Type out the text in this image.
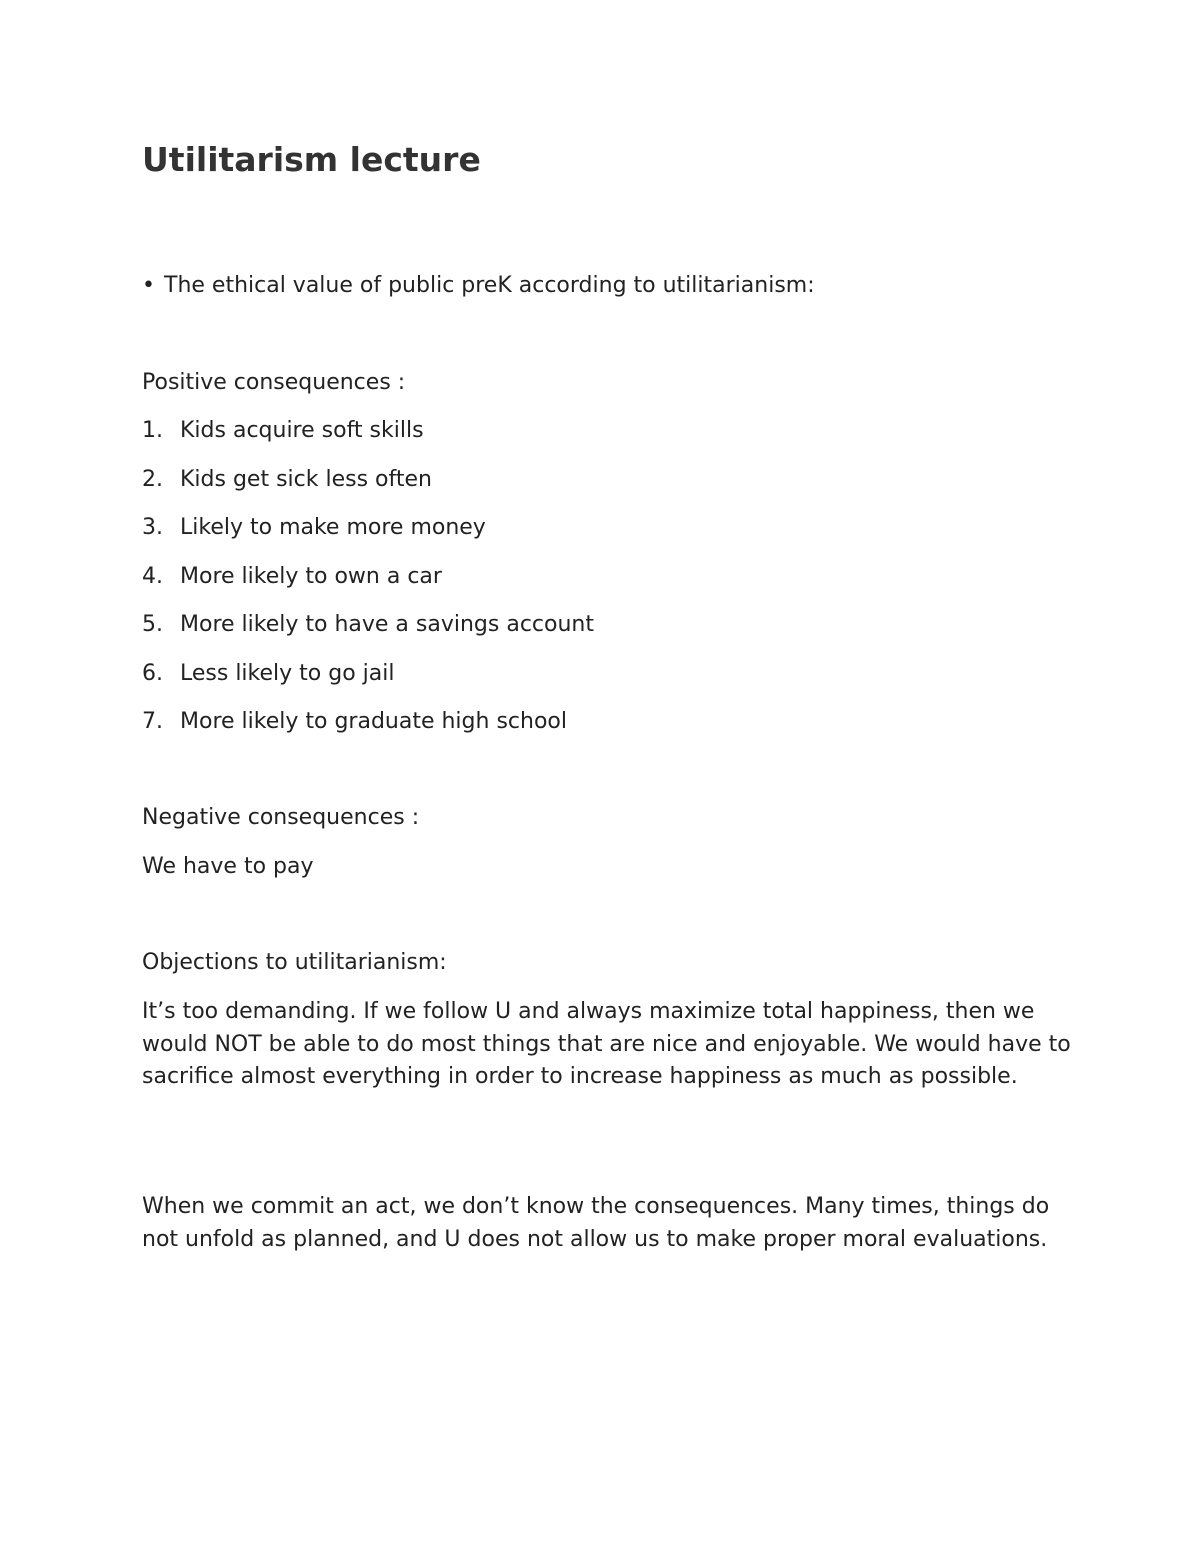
Utilitarism lecture
• The ethical value of public preK according to utilitarianism:
Positive consequences :
1. Kids acquire soft skills
2. Kids get sick less often
3. Likely to make more money
4. More likely to own a car
5. More likely to have a savings account
6. Less likely to go jail
7. More likely to graduate high school
Negative consequences :
We have to pay
Objections to utilitarianism:

It’s too demanding. If we follow U and always maximize total happiness, then we would NOT be able to do most things that are nice and enjoyable. We would have to sacrifice almost everything in order to increase happiness as much as possible.

When we commit an act, we don’t know the consequences. Many times, things do not unfold as planned, and U does not allow us to make proper moral evaluations.
